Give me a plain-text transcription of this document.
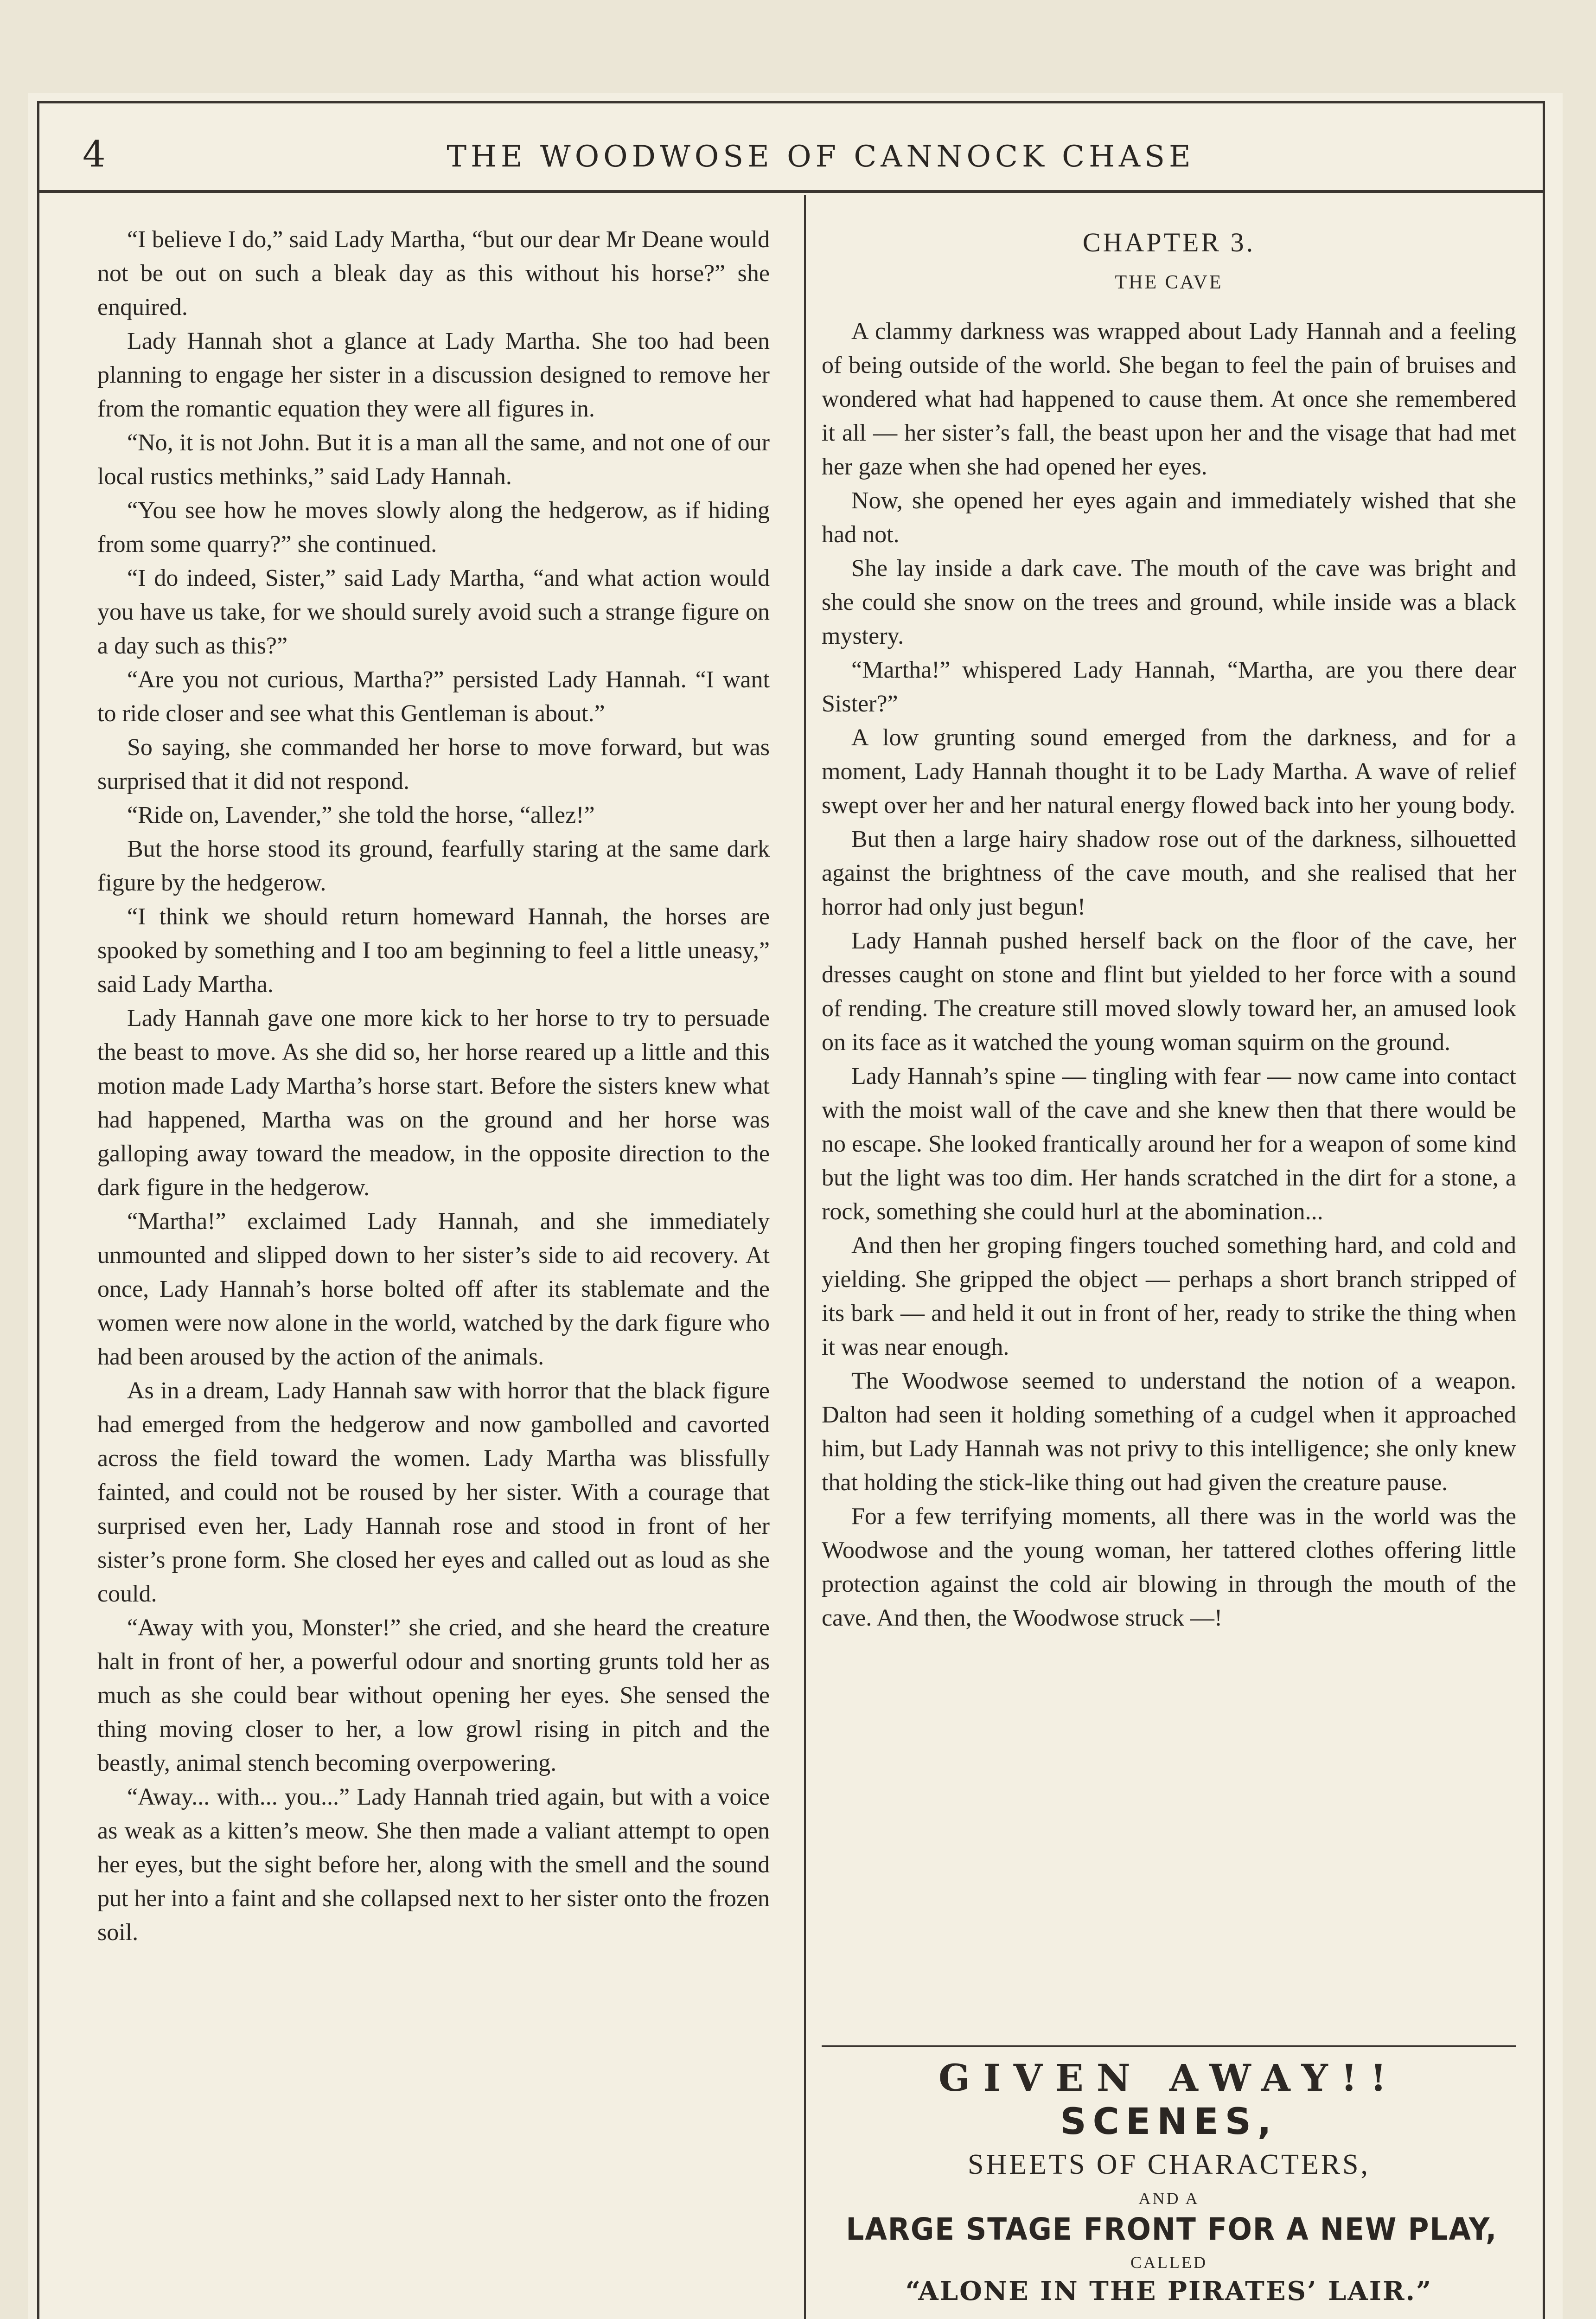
4	THE WOODWOSE OF CANNOCK CHASE

“I believe I do,” said Lady Martha, “but our dear Mr Deane would not be out on such a bleak day as this without his horse?” she enquired.

Lady Hannah shot a glance at Lady Martha. She too had been planning to engage her sister in a discussion designed to remove her from the romantic equation they were all figures in.

“No, it is not John. But it is a man all the same, and not one of our local rustics methinks,” said Lady Hannah.

“You see how he moves slowly along the hedgerow, as if hiding from some quarry?” she continued.

“I do indeed, Sister,” said Lady Martha, “and what action would you have us take, for we should surely avoid such a strange figure on a day such as this?”

“Are you not curious, Martha?” persisted Lady Hannah. “I want to ride closer and see what this Gentleman is about.”

So saying, she commanded her horse to move forward, but was surprised that it did not respond.

“Ride on, Lavender,” she told the horse, “allez!”

But the horse stood its ground, fearfully staring at the same dark figure by the hedgerow.

“I think we should return homeward Hannah, the horses are spooked by something and I too am beginning to feel a little uneasy,” said Lady Martha.

Lady Hannah gave one more kick to her horse to try to persuade the beast to move. As she did so, her horse reared up a little and this motion made Lady Martha’s horse start. Before the sisters knew what had happened, Martha was on the ground and her horse was galloping away toward the meadow, in the opposite direction to the dark figure in the hedgerow.

“Martha!” exclaimed Lady Hannah, and she immediately unmounted and slipped down to her sister’s side to aid recovery. At once, Lady Hannah’s horse bolted off after its stablemate and the women were now alone in the world, watched by the dark figure who had been aroused by the action of the animals.

As in a dream, Lady Hannah saw with horror that the black figure had emerged from the hedgerow and now gambolled and cavorted across the field toward the women. Lady Martha was blissfully fainted, and could not be roused by her sister. With a courage that surprised even her, Lady Hannah rose and stood in front of her sister’s prone form. She closed her eyes and called out as loud as she could.

“Away with you, Monster!” she cried, and she heard the creature halt in front of her, a powerful odour and snorting grunts told her as much as she could bear without opening her eyes. She sensed the thing moving closer to her, a low growl rising in pitch and the beastly, animal stench becoming overpowering.

“Away... with... you...” Lady Hannah tried again, but with a voice as weak as a kitten’s meow. She then made a valiant attempt to open her eyes, but the sight before her, along with the smell and the sound put her into a faint and she collapsed next to her sister onto the frozen soil.

CHAPTER 3.
THE CAVE

A clammy darkness was wrapped about Lady Hannah and a feeling of being outside of the world. She began to feel the pain of bruises and wondered what had happened to cause them. At once she remembered it all — her sister’s fall, the beast upon her and the visage that had met her gaze when she had opened her eyes.

Now, she opened her eyes again and immediately wished that she had not.

She lay inside a dark cave. The mouth of the cave was bright and she could she snow on the trees and ground, while inside was a black mystery.

“Martha!” whispered Lady Hannah, “Martha, are you there dear Sister?”

A low grunting sound emerged from the darkness, and for a moment, Lady Hannah thought it to be Lady Martha. A wave of relief swept over her and her natural energy flowed back into her young body.

But then a large hairy shadow rose out of the darkness, silhouetted against the brightness of the cave mouth, and she realised that her horror had only just begun!

Lady Hannah pushed herself back on the floor of the cave, her dresses caught on stone and flint but yielded to her force with a sound of rending. The creature still moved slowly toward her, an amused look on its face as it watched the young woman squirm on the ground.

Lady Hannah’s spine — tingling with fear — now came into contact with the moist wall of the cave and she knew then that there would be no escape. She looked frantically around her for a weapon of some kind but the light was too dim. Her hands scratched in the dirt for a stone, a rock, something she could hurl at the abomination...

And then her groping fingers touched something hard, and cold and yielding. She gripped the object — perhaps a short branch stripped of its bark — and held it out in front of her, ready to strike the thing when it was near enough.

The Woodwose seemed to understand the notion of a weapon. Dalton had seen it holding something of a cudgel when it approached him, but Lady Hannah was not privy to this intelligence; she only knew that holding the stick-like thing out had given the creature pause.

For a few terrifying moments, all there was in the world was the Woodwose and the young woman, her tattered clothes offering little protection against the cold air blowing in through the mouth of the cave. And then, the Woodwose struck —!

GIVEN AWAY!!
SCENES,
SHEETS OF CHARACTERS,
AND A
LARGE STAGE FRONT FOR A NEW PLAY,
CALLED
“ALONE IN THE PIRATES’ LAIR.”
